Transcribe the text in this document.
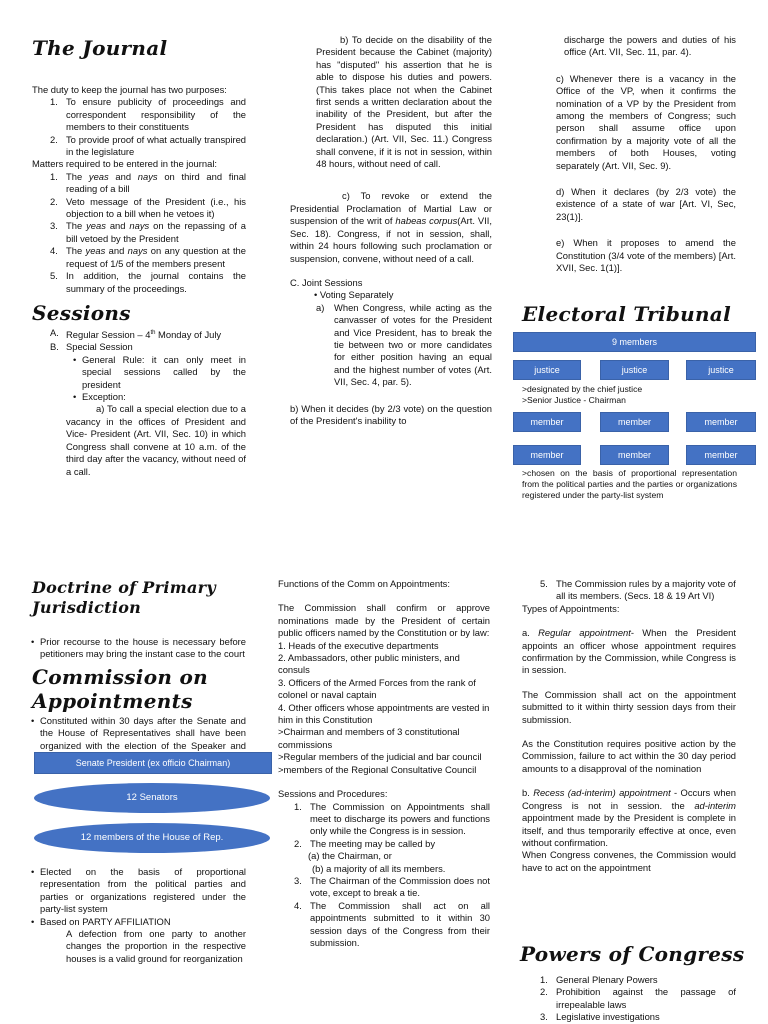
The Journal

The duty to keep the journal has two purposes:

1. To ensure publicity of proceedings and correspondent responsibility of the members to their constituents
2. To provide proof of what actually transpired in the legislature

Matters required to be entered in the journal:

1. The yeas and nays on third and final reading of a bill
2. Veto message of the President (i.e., his objection to a bill when he vetoes it)
3. The yeas and nays on the repassing of a bill vetoed by the President
4. The yeas and nays on any question at the request of 1/5 of the members present
5. In addition, the journal contains the summary of the proceedings.
Sessions
A. Regular Session – 4th Monday of July
B. Special Session
• General Rule: it can only meet in special sessions called by the president
• Exception:

a) To call a special election due to a vacancy in the offices of President and Vice- President (Art. VII, Sec. 10) in which Congress shall convene at 10 a.m. of the third day after the vacancy, without need of a call.

b) To decide on the disability of the President because the Cabinet (majority) has "disputed" his assertion that he is able to dispose his duties and powers. (This takes place not when the Cabinet first sends a written declaration about the inability of the President, but after the President has disputed this initial declaration.) (Art. VII, Sec. 11.) Congress shall convene, if it is not in session, within 48 hours, without need of call.

c) To revoke or extend the Presidential Proclamation of Martial Law or suspension of the writ of habeas corpus(Art. VII, Sec. 18). Congress, if not in session, shall, within 24 hours following such proclamation or suspension, convene, without need of a call.

C. Joint Sessions

• Voting Separately

a) When Congress, while acting as the canvasser of votes for the President and Vice President, has to break the tie between two or more candidates for either position having an equal and the highest number of votes (Art. VII, Sec. 4, par. 5).

b) When it decides (by 2/3 vote) on the question of the President's inability to

discharge the powers and duties of his office (Art. VII, Sec. 11, par. 4).

c) Whenever there is a vacancy in the Office of the VP, when it confirms the nomination of a VP by the President from among the members of Congress; such person shall assume office upon confirmation by a majority vote of all the members of both Houses, voting separately (Art. VII, Sec. 9).

d) When it declares (by 2/3 vote) the existence of a state of war [Art. VI, Sec, 23(1)].

e) When it proposes to amend the Constitution (3/4 vote of the members) [Art. XVII, Sec. 1(1)].

Electoral Tribunal
9 members
justice	justice	justice

>designated by the chief justice

>Senior Justice - Chairman

member	member	member
member	member	member

>chosen on the basis of proportional representation from the political parties and the parties or organizations registered under the party-list system

Doctrine of Primary Jurisdiction
• Prior recourse to the house is necessary before petitioners may bring the instant case to the court
Commission on Appointments
• Constituted within 30 days after the Senate and the House of Representatives shall have been organized with the election of the Speaker and
Senate President (ex officio Chairman)
12 Senators
12 members of the House of Rep.
• Elected on the basis of proportional representation from the political parties and parties or organizations registered under the party-list system
• Based on PARTY AFFILIATION

A defection from one party to another changes the proportion in the respective houses is a valid ground for reorganization

Functions of the Comm on Appointments:

The Commission shall confirm or approve nominations made by the President of certain public officers named by the Constitution or by law:

1. Heads of the executive departments

2. Ambassadors, other public ministers, and consuls

3. Officers of the Armed Forces from the rank of colonel or naval captain

4. Other officers whose appointments are vested in him in this Constitution

>Chairman and members of 3 constitutional commissions

>Regular members of the judicial and bar council

>members of the Regional Consultative Council

Sessions and Procedures:

1. The Commission on Appointments shall meet to discharge its powers and functions only while the Congress is in session.
2. The meeting may be called by
(a) the Chairman, or
(b) a majority of all its members.
3. The Chairman of the Commission does not vote, except to break a tie.
4. The Commission shall act on all appointments submitted to it within 30 session days of the Congress from their submission.
5. The Commission rules by a majority vote of all its members. (Secs. 18 & 19 Art VI)

Types of Appointments:

a. Regular appointment- When the President appoints an officer whose appointment requires confirmation by the Commission, while Congress is in session.

The Commission shall act on the appointment submitted to it within thirty session days from their submission.

As the Constitution requires positive action by the Commission, failure to act within the 30 day period amounts to a disapproval of the nomination

b. Recess (ad-interim) appointment - Occurs when Congress is not in session. the ad-interim appointment made by the President is complete in itself, and thus temporarily effective at once, even without confirmation.

When Congress convenes, the Commission would have to act on the appointment

Powers of Congress
1. General Plenary Powers
2. Prohibition against the passage of irrepealable laws
3. Legislative investigations
